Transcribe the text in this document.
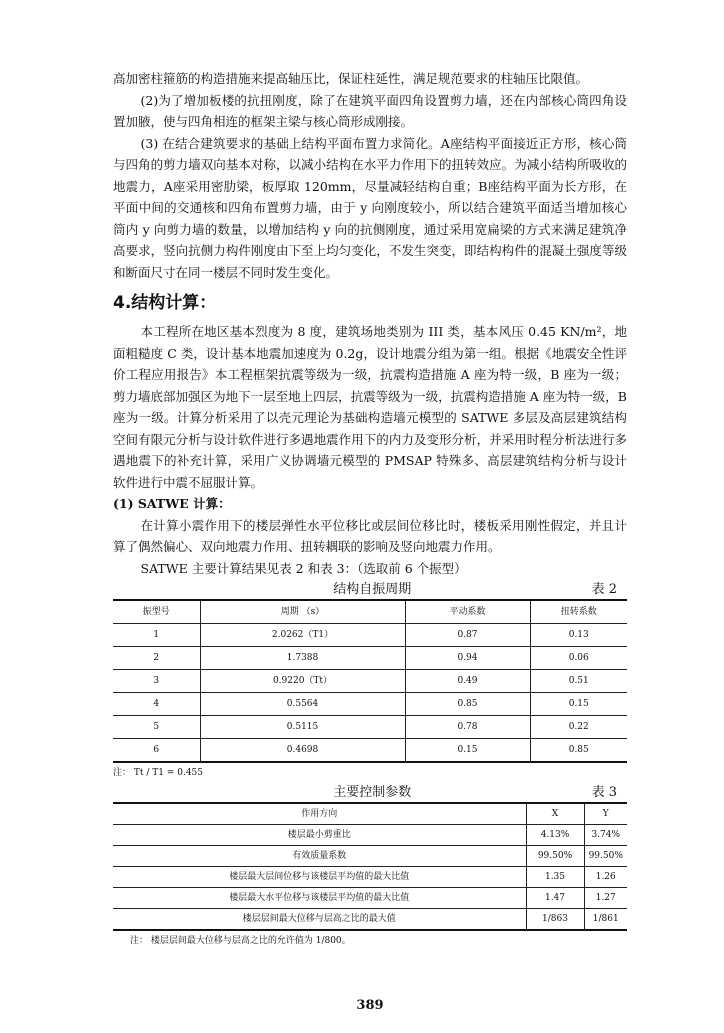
高加密柱箍筋的构造措施来提高轴压比，保证柱延性，满足规范要求的柱轴压比限值。

(2)为了增加板楼的抗扭刚度，除了在建筑平面四角设置剪力墙，还在内部核心筒四角设置加腋，使与四角相连的框架主梁与核心筒形成刚接。

(3) 在结合建筑要求的基础上结构平面布置力求简化。A座结构平面接近正方形，核心筒与四角的剪力墙双向基本对称，以减小结构在水平力作用下的扭转效应。为减小结构所吸收的地震力，A座采用密肋梁，板厚取 120mm，尽量减轻结构自重；B座结构平面为长方形，在平面中间的交通核和四角布置剪力墙，由于 y 向刚度较小，所以结合建筑平面适当增加核心筒内 y 向剪力墙的数量，以增加结构 y 向的抗侧刚度，通过采用宽扁梁的方式来满足建筑净高要求，竖向抗侧力构件刚度由下至上均匀变化，不发生突变，即结构构件的混凝土强度等级和断面尺寸在同一楼层不同时发生变化。

4.结构计算：

本工程所在地区基本烈度为 8 度，建筑场地类别为 III 类，基本风压 0.45 KN/m²，地面粗糙度 C 类，设计基本地震加速度为 0.2g，设计地震分组为第一组。根据《地震安全性评价工程应用报告》本工程框架抗震等级为一级，抗震构造措施 A 座为特一级，B 座为一级；剪力墙底部加强区为地下一层至地上四层，抗震等级为一级，抗震构造措施 A 座为特一级，B 座为一级。计算分析采用了以壳元理论为基础构造墙元模型的 SATWE 多层及高层建筑结构空间有限元分析与设计软件进行多遇地震作用下的内力及变形分析，并采用时程分析法进行多遇地震下的补充计算，采用广义协调墙元模型的 PMSAP 特殊多、高层建筑结构分析与设计软件进行中震不屈服计算。

(1) SATWE 计算：

在计算小震作用下的楼层弹性水平位移比或层间位移比时，楼板采用刚性假定，并且计算了偶然偏心、双向地震力作用、扭转耦联的影响及竖向地震力作用。

SATWE 主要计算结果见表 2 和表 3：（选取前 6 个振型）

结构自振周期	表 2
振型号	周期 （s）	平动系数	扭转系数
1	2.0262（T1）	0.87	0.13
2	1.7388	0.94	0.06
3	0.9220（Tt）	0.49	0.51
4	0.5564	0.85	0.15
5	0.5115	0.78	0.22
6	0.4698	0.15	0.85
注： Tt / T1 = 0.455
主要控制参数	表 3
作用方向	X	Y
楼层最小剪重比	4.13%	3.74%
有效质量系数	99.50%	99.50%
楼层最大层间位移与该楼层平均值的最大比值	1.35	1.26
楼层最大水平位移与该楼层平均值的最大比值	1.47	1.27
楼层层间最大位移与层高之比的最大值	1/863	1/861
注： 楼层层间最大位移与层高之比的允许值为 1/800。
389
